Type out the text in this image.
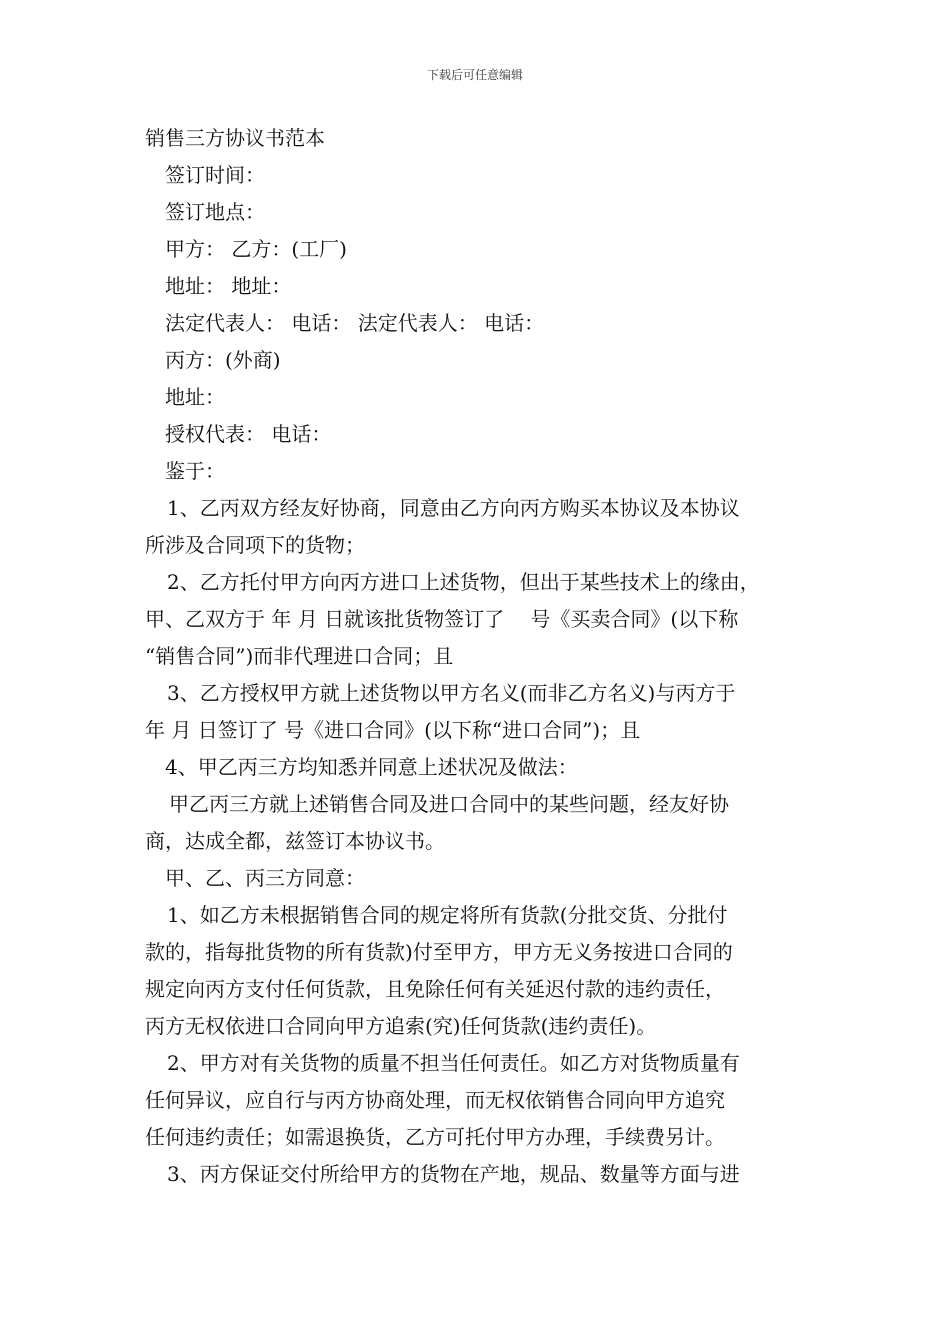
下载后可任意编辑
销售三方协议书范本

签订时间：

签订地点：

甲方： 乙方：(工厂)

地址： 地址：

法定代表人： 电话： 法定代表人： 电话：

丙方：(外商)

地址：

授权代表： 电话：

鉴于：

1、乙丙双方经友好协商，同意由乙方向丙方购买本协议及本协议

所涉及合同项下的货物；

2、乙方托付甲方向丙方进口上述货物，但出于某些技术上的缘由，

甲、乙双方于 年 月 日就该批货物签订了　 号《买卖合同》(以下称

“销售合同”)而非代理进口合同；且

3、乙方授权甲方就上述货物以甲方名义(而非乙方名义)与丙方于

年 月 日签订了 号《进口合同》(以下称“进口合同”)；且

4、甲乙丙三方均知悉并同意上述状况及做法：

甲乙丙三方就上述销售合同及进口合同中的某些问题，经友好协

商，达成全都，兹签订本协议书。

甲、乙、丙三方同意：

1、如乙方未根据销售合同的规定将所有货款(分批交货、分批付

款的，指每批货物的所有货款)付至甲方，甲方无义务按进口合同的

规定向丙方支付任何货款，且免除任何有关延迟付款的违约责任，

丙方无权依进口合同向甲方追索(究)任何货款(违约责任)。

2、甲方对有关货物的质量不担当任何责任。如乙方对货物质量有

任何异议，应自行与丙方协商处理，而无权依销售合同向甲方追究

任何违约责任；如需退换货，乙方可托付甲方办理，手续费另计。

3、丙方保证交付所给甲方的货物在产地，规品、数量等方面与进
